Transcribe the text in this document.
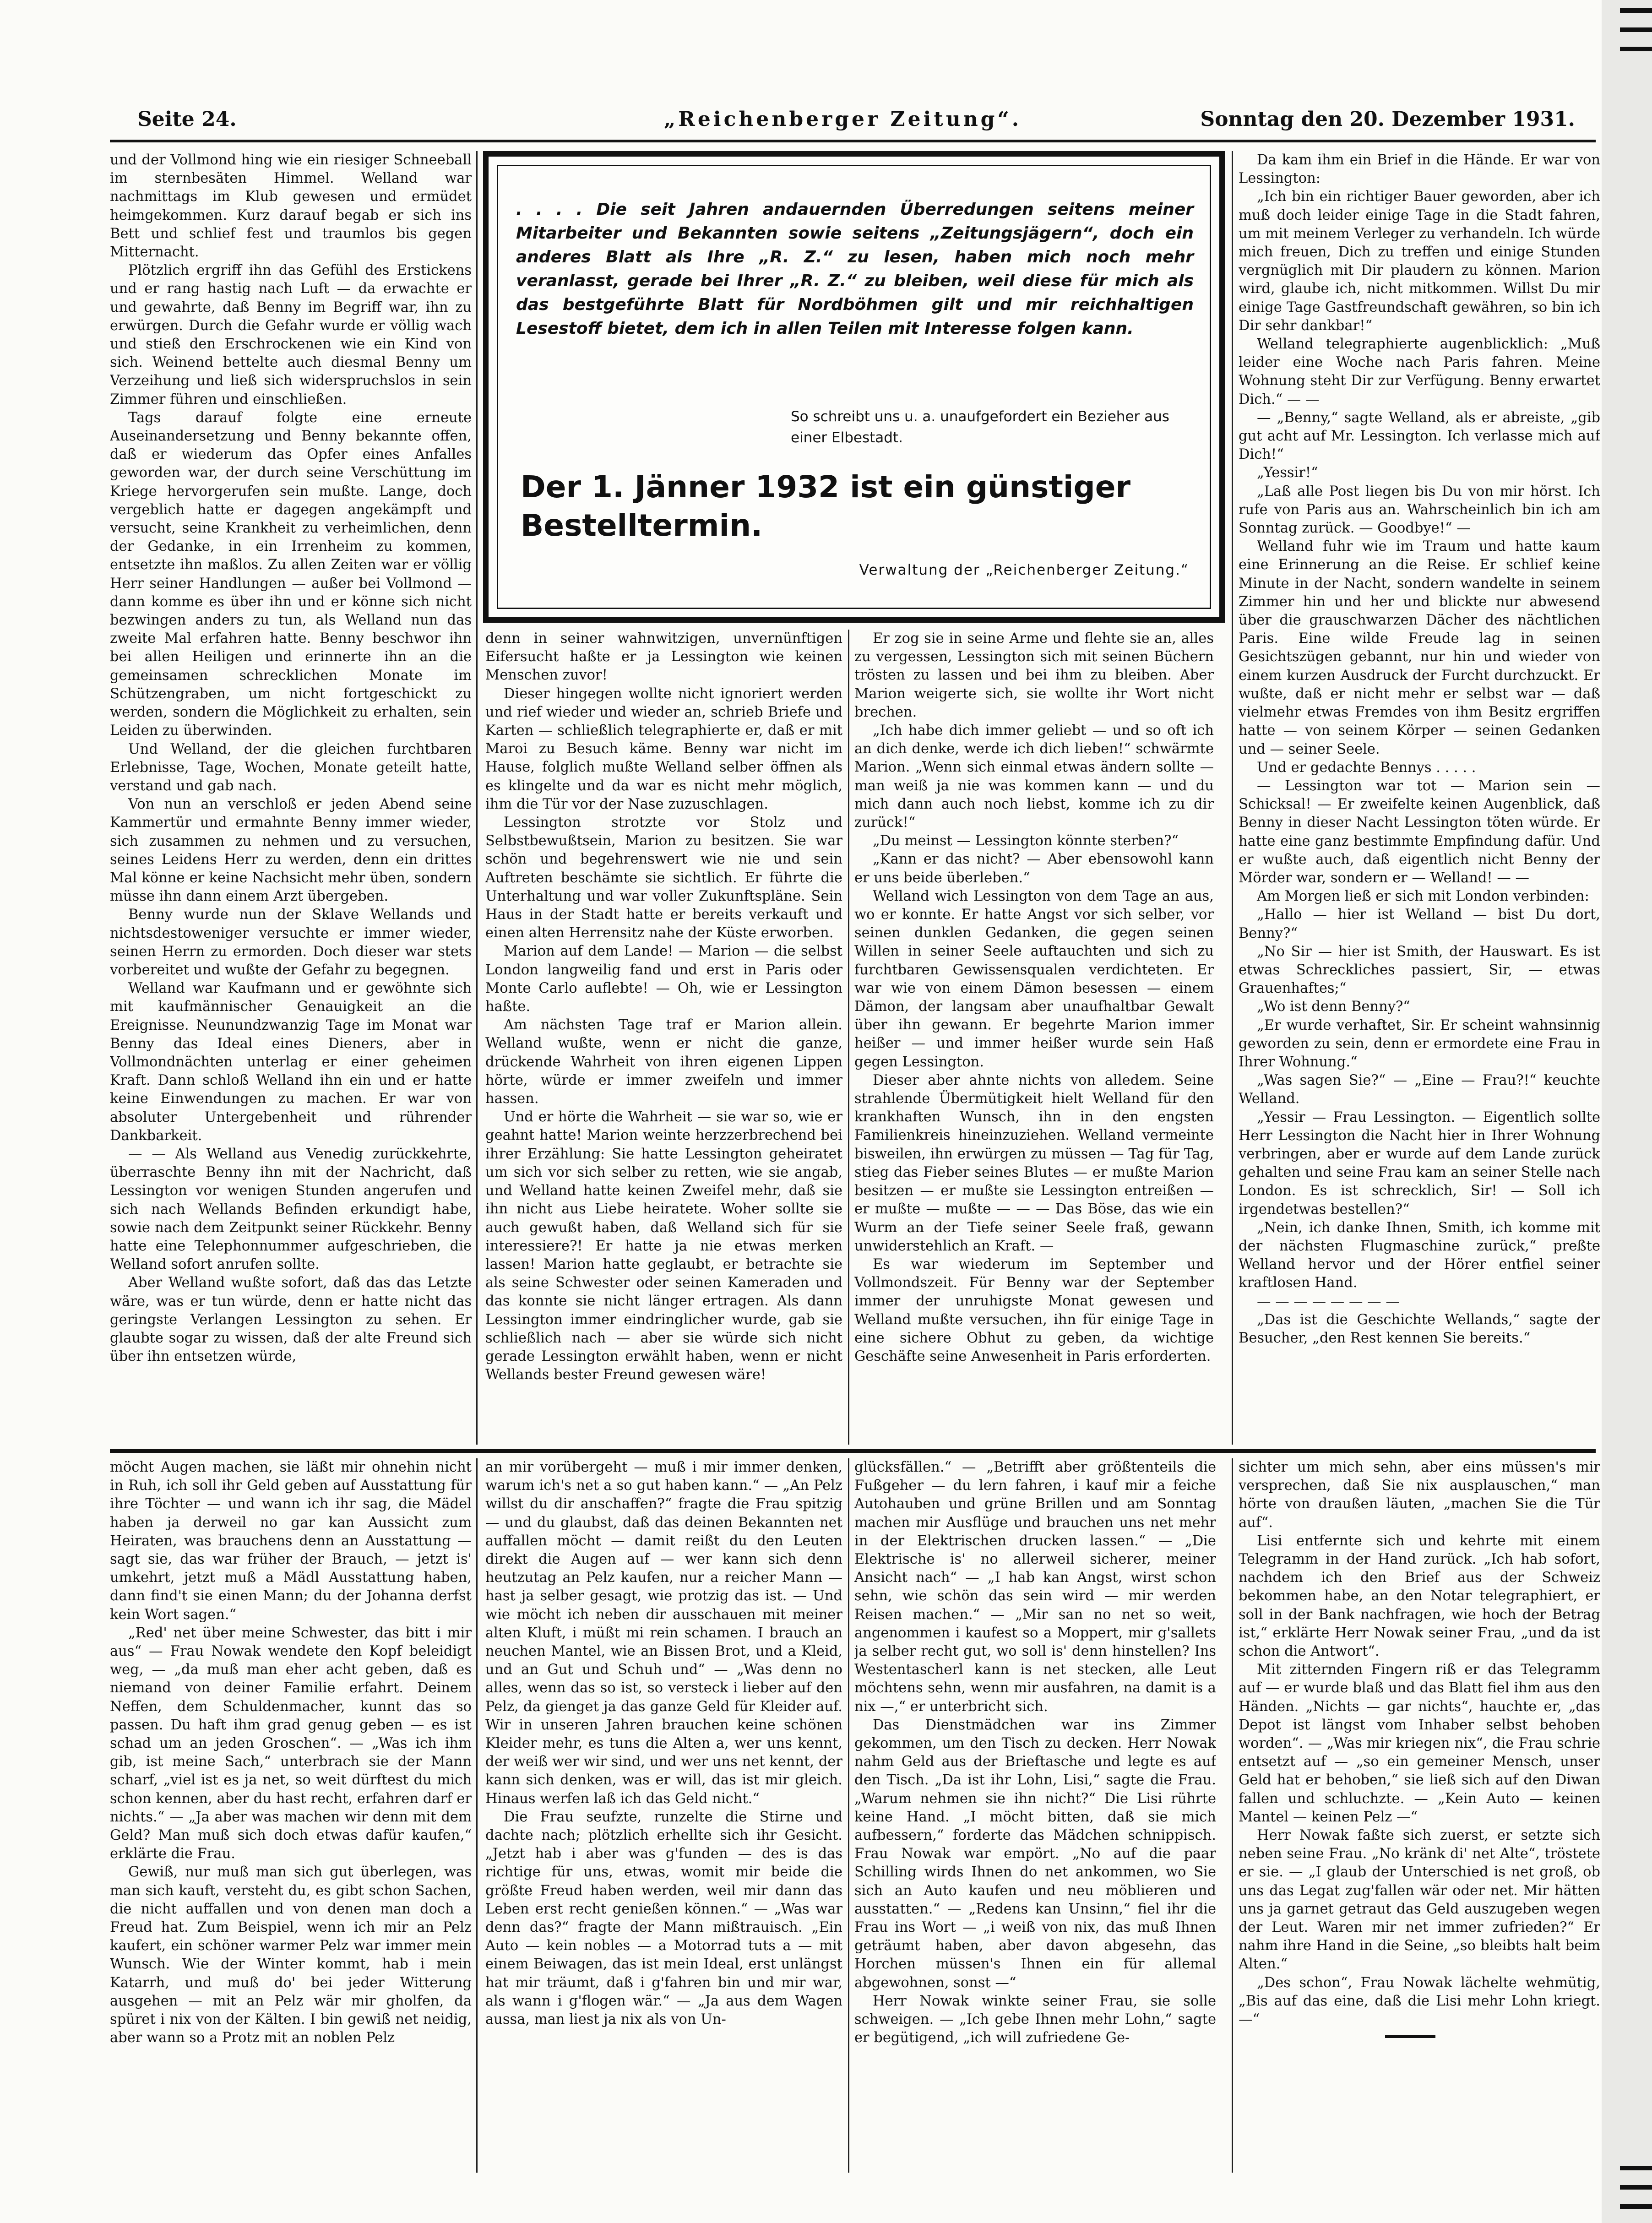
Seite 24.	„Reichenberger Zeitung“.	Sonntag den 20. Dezember 1931.

und der Vollmond hing wie ein riesiger Schneeball im sternbesäten Himmel. Welland war nachmittags im Klub gewesen und ermüdet heimgekommen. Kurz darauf begab er sich ins Bett und schlief fest und traumlos bis gegen Mitternacht.

Plötzlich ergriff ihn das Gefühl des Erstickens und er rang hastig nach Luft — da erwachte er und gewahrte, daß Benny im Begriff war, ihn zu erwürgen. Durch die Gefahr wurde er völlig wach und stieß den Erschrockenen wie ein Kind von sich. Weinend bettelte auch diesmal Benny um Verzeihung und ließ sich widerspruchslos in sein Zimmer führen und einschließen.

Tags darauf folgte eine erneute Auseinandersetzung und Benny bekannte offen, daß er wiederum das Opfer eines Anfalles geworden war, der durch seine Verschüttung im Kriege hervorgerufen sein mußte. Lange, doch vergeblich hatte er dagegen angekämpft und versucht, seine Krankheit zu verheimlichen, denn der Gedanke, in ein Irrenheim zu kommen, entsetzte ihn maßlos. Zu allen Zeiten war er völlig Herr seiner Handlungen — außer bei Vollmond — dann komme es über ihn und er könne sich nicht bezwingen anders zu tun, als Welland nun das zweite Mal erfahren hatte. Benny beschwor ihn bei allen Heiligen und erinnerte ihn an die gemeinsamen schrecklichen Monate im Schützengraben, um nicht fortgeschickt zu werden, sondern die Möglichkeit zu erhalten, sein Leiden zu überwinden.

Und Welland, der die gleichen furchtbaren Erlebnisse, Tage, Wochen, Monate geteilt hatte, verstand und gab nach.

Von nun an verschloß er jeden Abend seine Kammertür und ermahnte Benny immer wieder, sich zusammen zu nehmen und zu versuchen, seines Leidens Herr zu werden, denn ein drittes Mal könne er keine Nachsicht mehr üben, sondern müsse ihn dann einem Arzt übergeben.

Benny wurde nun der Sklave Wellands und nichtsdestoweniger versuchte er immer wieder, seinen Herrn zu ermorden. Doch dieser war stets vorbereitet und wußte der Gefahr zu begegnen.

Welland war Kaufmann und er gewöhnte sich mit kaufmännischer Genauigkeit an die Ereignisse. Neunundzwanzig Tage im Monat war Benny das Ideal eines Dieners, aber in Vollmondnächten unterlag er einer geheimen Kraft. Dann schloß Welland ihn ein und er hatte keine Einwendungen zu machen. Er war von absoluter Untergebenheit und rührender Dankbarkeit.

— — Als Welland aus Venedig zurückkehrte, überraschte Benny ihn mit der Nachricht, daß Lessington vor wenigen Stunden angerufen und sich nach Wellands Befinden erkundigt habe, sowie nach dem Zeitpunkt seiner Rückkehr. Benny hatte eine Telephonnummer aufgeschrieben, die Welland sofort anrufen sollte.

Aber Welland wußte sofort, daß das das Letzte wäre, was er tun würde, denn er hatte nicht das geringste Verlangen Lessington zu sehen. Er glaubte sogar zu wissen, daß der alte Freund sich über ihn entsetzen würde,

. . . . Die seit Jahren andauernden Überredungen seitens meiner Mitarbeiter und Bekannten sowie seitens „Zeitungsjägern“, doch ein anderes Blatt als Ihre „R. Z.“ zu lesen, haben mich noch mehr veranlasst, gerade bei Ihrer „R. Z.“ zu bleiben, weil diese für mich als das bestgeführte Blatt für Nordböhmen gilt und mir reichhaltigen Lesestoff bietet, dem ich in allen Teilen mit Interesse folgen kann.
So schreibt uns u. a. unaufgefordert ein Bezieher aus einer Elbestadt.
Der 1. Jänner 1932 ist ein günstiger Bestelltermin.
Verwaltung der „Reichenberger Zeitung.“

denn in seiner wahnwitzigen, unvernünftigen Eifersucht haßte er ja Lessington wie keinen Menschen zuvor!

Dieser hingegen wollte nicht ignoriert werden und rief wieder und wieder an, schrieb Briefe und Karten — schließlich telegraphierte er, daß er mit Maroi zu Besuch käme. Benny war nicht im Hause, folglich mußte Welland selber öffnen als es klingelte und da war es nicht mehr möglich, ihm die Tür vor der Nase zuzuschlagen.

Lessington strotzte vor Stolz und Selbstbewußtsein, Marion zu besitzen. Sie war schön und begehrenswert wie nie und sein Auftreten beschämte sie sichtlich. Er führte die Unterhaltung und war voller Zukunftspläne. Sein Haus in der Stadt hatte er bereits verkauft und einen alten Herrensitz nahe der Küste erworben.

Marion auf dem Lande! — Marion — die selbst London langweilig fand und erst in Paris oder Monte Carlo auflebte! — Oh, wie er Lessington haßte.

Am nächsten Tage traf er Marion allein. Welland wußte, wenn er nicht die ganze, drückende Wahrheit von ihren eigenen Lippen hörte, würde er immer zweifeln und immer hassen.

Und er hörte die Wahrheit — sie war so, wie er geahnt hatte! Marion weinte herzzerbrechend bei ihrer Erzählung: Sie hatte Lessington geheiratet um sich vor sich selber zu retten, wie sie angab, und Welland hatte keinen Zweifel mehr, daß sie ihn nicht aus Liebe heiratete. Woher sollte sie auch gewußt haben, daß Welland sich für sie interessiere?! Er hatte ja nie etwas merken lassen! Marion hatte geglaubt, er betrachte sie als seine Schwester oder seinen Kameraden und das konnte sie nicht länger ertragen. Als dann Lessington immer eindringlicher wurde, gab sie schließlich nach — aber sie würde sich nicht gerade Lessington erwählt haben, wenn er nicht Wellands bester Freund gewesen wäre!

Er zog sie in seine Arme und flehte sie an, alles zu vergessen, Lessington sich mit seinen Büchern trösten zu lassen und bei ihm zu bleiben. Aber Marion weigerte sich, sie wollte ihr Wort nicht brechen.

„Ich habe dich immer geliebt — und so oft ich an dich denke, werde ich dich lieben!“ schwärmte Marion. „Wenn sich einmal etwas ändern sollte — man weiß ja nie was kommen kann — und du mich dann auch noch liebst, komme ich zu dir zurück!“

„Du meinst — Lessington könnte sterben?“

„Kann er das nicht? — Aber ebensowohl kann er uns beide überleben.“

Welland wich Lessington von dem Tage an aus, wo er konnte. Er hatte Angst vor sich selber, vor seinen dunklen Gedanken, die gegen seinen Willen in seiner Seele auftauchten und sich zu furchtbaren Gewissensqualen verdichteten. Er war wie von einem Dämon besessen — einem Dämon, der langsam aber unaufhaltbar Gewalt über ihn gewann. Er begehrte Marion immer heißer — und immer heißer wurde sein Haß gegen Lessington.

Dieser aber ahnte nichts von alledem. Seine strahlende Übermütigkeit hielt Welland für den krankhaften Wunsch, ihn in den engsten Familienkreis hineinzuziehen. Welland vermeinte bisweilen, ihn erwürgen zu müssen — Tag für Tag, stieg das Fieber seines Blutes — er mußte Marion besitzen — er mußte sie Lessington entreißen — er mußte — mußte — — — Das Böse, das wie ein Wurm an der Tiefe seiner Seele fraß, gewann unwiderstehlich an Kraft. —

Es war wiederum im September und Vollmondszeit. Für Benny war der September immer der unruhigste Monat gewesen und Welland mußte versuchen, ihn für einige Tage in eine sichere Obhut zu geben, da wichtige Geschäfte seine Anwesenheit in Paris erforderten.

Da kam ihm ein Brief in die Hände. Er war von Lessington:

„Ich bin ein richtiger Bauer geworden, aber ich muß doch leider einige Tage in die Stadt fahren, um mit meinem Verleger zu verhandeln. Ich würde mich freuen, Dich zu treffen und einige Stunden vergnüglich mit Dir plaudern zu können. Marion wird, glaube ich, nicht mitkommen. Willst Du mir einige Tage Gastfreundschaft gewähren, so bin ich Dir sehr dankbar!“

Welland telegraphierte augenblicklich: „Muß leider eine Woche nach Paris fahren. Meine Wohnung steht Dir zur Verfügung. Benny erwartet Dich.“ — —

— „Benny,“ sagte Welland, als er abreiste, „gib gut acht auf Mr. Lessington. Ich verlasse mich auf Dich!“

„Yessir!“

„Laß alle Post liegen bis Du von mir hörst. Ich rufe von Paris aus an. Wahrscheinlich bin ich am Sonntag zurück. — Goodbye!“ —

Welland fuhr wie im Traum und hatte kaum eine Erinnerung an die Reise. Er schlief keine Minute in der Nacht, sondern wandelte in seinem Zimmer hin und her und blickte nur abwesend über die grauschwarzen Dächer des nächtlichen Paris. Eine wilde Freude lag in seinen Gesichtszügen gebannt, nur hin und wieder von einem kurzen Ausdruck der Furcht durchzuckt. Er wußte, daß er nicht mehr er selbst war — daß vielmehr etwas Fremdes von ihm Besitz ergriffen hatte — von seinem Körper — seinen Gedanken und — seiner Seele.

Und er gedachte Bennys . . . . .

— Lessington war tot — Marion sein — Schicksal! — Er zweifelte keinen Augenblick, daß Benny in dieser Nacht Lessington töten würde. Er hatte eine ganz bestimmte Empfindung dafür. Und er wußte auch, daß eigentlich nicht Benny der Mörder war, sondern er — Welland! — —

Am Morgen ließ er sich mit London verbinden:

„Hallo — hier ist Welland — bist Du dort, Benny?“

„No Sir — hier ist Smith, der Hauswart. Es ist etwas Schreckliches passiert, Sir, — etwas Grauenhaftes;“

„Wo ist denn Benny?“

„Er wurde verhaftet, Sir. Er scheint wahnsinnig geworden zu sein, denn er ermordete eine Frau in Ihrer Wohnung.“

„Was sagen Sie?“ — „Eine — Frau?!“ keuchte Welland.

„Yessir — Frau Lessington. — Eigentlich sollte Herr Lessington die Nacht hier in Ihrer Wohnung verbringen, aber er wurde auf dem Lande zurück gehalten und seine Frau kam an seiner Stelle nach London. Es ist schrecklich, Sir! — Soll ich irgendetwas bestellen?“

„Nein, ich danke Ihnen, Smith, ich komme mit der nächsten Flugmaschine zurück,“ preßte Welland hervor und der Hörer entfiel seiner kraftlosen Hand.

— — — — — — — —

„Das ist die Geschichte Wellands,“ sagte der Besucher, „den Rest kennen Sie bereits.“

möcht Augen machen, sie läßt mir ohnehin nicht in Ruh, ich soll ihr Geld geben auf Ausstattung für ihre Töchter — und wann ich ihr sag, die Mädel haben ja derweil no gar kan Aussicht zum Heiraten, was brauchens denn an Ausstattung — sagt sie, das war früher der Brauch, — jetzt is' umkehrt, jetzt muß a Mädl Ausstattung haben, dann find't sie einen Mann; du der Johanna derfst kein Wort sagen.“

„Red' net über meine Schwester, das bitt i mir aus“ — Frau Nowak wendete den Kopf beleidigt weg, — „da muß man eher acht geben, daß es niemand von deiner Familie erfahrt. Deinem Neffen, dem Schuldenmacher, kunnt das so passen. Du haft ihm grad genug geben — es ist schad um an jeden Groschen“. — „Was ich ihm gib, ist meine Sach,“ unterbrach sie der Mann scharf, „viel ist es ja net, so weit dürftest du mich schon kennen, aber du hast recht, erfahren darf er nichts.“ — „Ja aber was machen wir denn mit dem Geld? Man muß sich doch etwas dafür kaufen,“ erklärte die Frau.

Gewiß, nur muß man sich gut überlegen, was man sich kauft, versteht du, es gibt schon Sachen, die nicht auffallen und von denen man doch a Freud hat. Zum Beispiel, wenn ich mir an Pelz kaufert, ein schöner warmer Pelz war immer mein Wunsch. Wie der Winter kommt, hab i mein Katarrh, und muß do' bei jeder Witterung ausgehen — mit an Pelz wär mir gholfen, da spüret i nix von der Kälten. I bin gewiß net neidig, aber wann so a Protz mit an noblen Pelz

an mir vorübergeht — muß i mir immer denken, warum ich's net a so gut haben kann.“ — „An Pelz willst du dir anschaffen?“ fragte die Frau spitzig — und du glaubst, daß das deinen Bekannten net auffallen möcht — damit reißt du den Leuten direkt die Augen auf — wer kann sich denn heutzutag an Pelz kaufen, nur a reicher Mann — hast ja selber gesagt, wie protzig das ist. — Und wie möcht ich neben dir ausschauen mit meiner alten Kluft, i müßt mi rein schamen. I brauch an neuchen Mantel, wie an Bissen Brot, und a Kleid, und an Gut und Schuh und“ — „Was denn no alles, wenn das so ist, so versteck i lieber auf den Pelz, da gienget ja das ganze Geld für Kleider auf. Wir in unseren Jahren brauchen keine schönen Kleider mehr, es tuns die Alten a, wer uns kennt, der weiß wer wir sind, und wer uns net kennt, der kann sich denken, was er will, das ist mir gleich. Hinaus werfen laß ich das Geld nicht.“

Die Frau seufzte, runzelte die Stirne und dachte nach; plötzlich erhellte sich ihr Gesicht. „Jetzt hab i aber was g'funden — des is das richtige für uns, etwas, womit mir beide die größte Freud haben werden, weil mir dann das Leben erst recht genießen können.“ — „Was war denn das?“ fragte der Mann mißtrauisch. „Ein Auto — kein nobles — a Motorrad tuts a — mit einem Beiwagen, das ist mein Ideal, erst unlängst hat mir träumt, daß i g'fahren bin und mir war, als wann i g'flogen wär.“ — „Ja aus dem Wagen aussa, man liest ja nix als von Un-

glücksfällen.“ — „Betrifft aber größtenteils die Fußgeher — du lern fahren, i kauf mir a feiche Autohauben und grüne Brillen und am Sonntag machen mir Ausflüge und brauchen uns net mehr in der Elektrischen drucken lassen.“ — „Die Elektrische is' no allerweil sicherer, meiner Ansicht nach“ — „I hab kan Angst, wirst schon sehn, wie schön das sein wird — mir werden Reisen machen.“ — „Mir san no net so weit, angenommen i kaufest so a Moppert, mir g'sallets ja selber recht gut, wo soll is' denn hinstellen? Ins Westentascherl kann is net stecken, alle Leut möchtens sehn, wenn mir ausfahren, na damit is a nix —,“ er unterbricht sich.

Das Dienstmädchen war ins Zimmer gekommen, um den Tisch zu decken. Herr Nowak nahm Geld aus der Brieftasche und legte es auf den Tisch. „Da ist ihr Lohn, Lisi,“ sagte die Frau. „Warum nehmen sie ihn nicht?“ Die Lisi rührte keine Hand. „I möcht bitten, daß sie mich aufbessern,“ forderte das Mädchen schnippisch. Frau Nowak war empört. „No auf die paar Schilling wirds Ihnen do net ankommen, wo Sie sich an Auto kaufen und neu möblieren und ausstatten.“ — „Redens kan Unsinn,“ fiel ihr die Frau ins Wort — „i weiß von nix, das muß Ihnen geträumt haben, aber davon abgesehn, das Horchen müssen's Ihnen ein für allemal abgewohnen, sonst —“

Herr Nowak winkte seiner Frau, sie solle schweigen. — „Ich gebe Ihnen mehr Lohn,“ sagte er begütigend, „ich will zufriedene Ge-

sichter um mich sehn, aber eins müssen's mir versprechen, daß Sie nix ausplauschen,“ man hörte von draußen läuten, „machen Sie die Tür auf“.

Lisi entfernte sich und kehrte mit einem Telegramm in der Hand zurück. „Ich hab sofort, nachdem ich den Brief aus der Schweiz bekommen habe, an den Notar telegraphiert, er soll in der Bank nachfragen, wie hoch der Betrag ist,“ erklärte Herr Nowak seiner Frau, „und da ist schon die Antwort“.

Mit zitternden Fingern riß er das Telegramm auf — er wurde blaß und das Blatt fiel ihm aus den Händen. „Nichts — gar nichts“, hauchte er, „das Depot ist längst vom Inhaber selbst behoben worden“. — „Was mir kriegen nix“, die Frau schrie entsetzt auf — „so ein gemeiner Mensch, unser Geld hat er behoben,“ sie ließ sich auf den Diwan fallen und schluchzte. — „Kein Auto — keinen Mantel — keinen Pelz —“

Herr Nowak faßte sich zuerst, er setzte sich neben seine Frau. „No kränk di' net Alte“, tröstete er sie. — „I glaub der Unterschied is net groß, ob uns das Legat zug'fallen wär oder net. Mir hätten uns ja garnet getraut das Geld auszugeben wegen der Leut. Waren mir net immer zufrieden?“ Er nahm ihre Hand in die Seine, „so bleibts halt beim Alten.“

„Des schon“, Frau Nowak lächelte wehmütig, „Bis auf das eine, daß die Lisi mehr Lohn kriegt. —“
